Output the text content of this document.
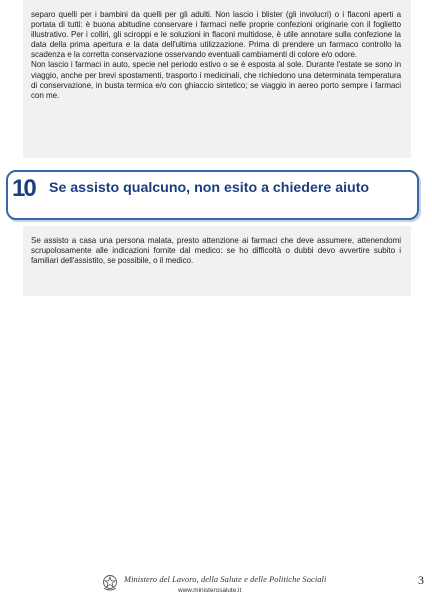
separo quelli per i bambini da quelli per gli adulti. Non lascio i blister (gli involucri) o i flaconi aperti a portata di tutti: è buona abitudine conservare i farmaci nelle proprie confezioni originarie con il foglietto illustrativo. Per i colliri, gli sciroppi e le soluzioni in flaconi multidose, è utile annotare sulla confezione la data della prima apertura e la data dell'ultima utilizzazione. Prima di prendere un farmaco controllo la scadenza e la corretta conservazione osservando eventuali cambiamenti di colore e/o odore.

Non lascio i farmaci in auto, specie nel periodo estivo o se è esposta al sole. Durante l'estate se sono in viaggio, anche per brevi spostamenti, trasporto i medicinali, che richiedono una determinata temperatura di conservazione, in busta termica e/o con ghiaccio sintetico; se viaggio in aereo porto sempre i farmaci con me.

10 Se assisto qualcuno, non esito a chiedere aiuto

Se assisto a casa una persona malata, presto attenzione ai farmaci che deve assumere, attenendomi scrupolosamente alle indicazioni fornite dal medico: se ho difficoltà o dubbi devo avvertire subito i familiari dell'assistito, se possibile, o il medico.

Ministero del Lavoro, della Salute e delle Politiche Sociali
www.ministerosalute.it
3
